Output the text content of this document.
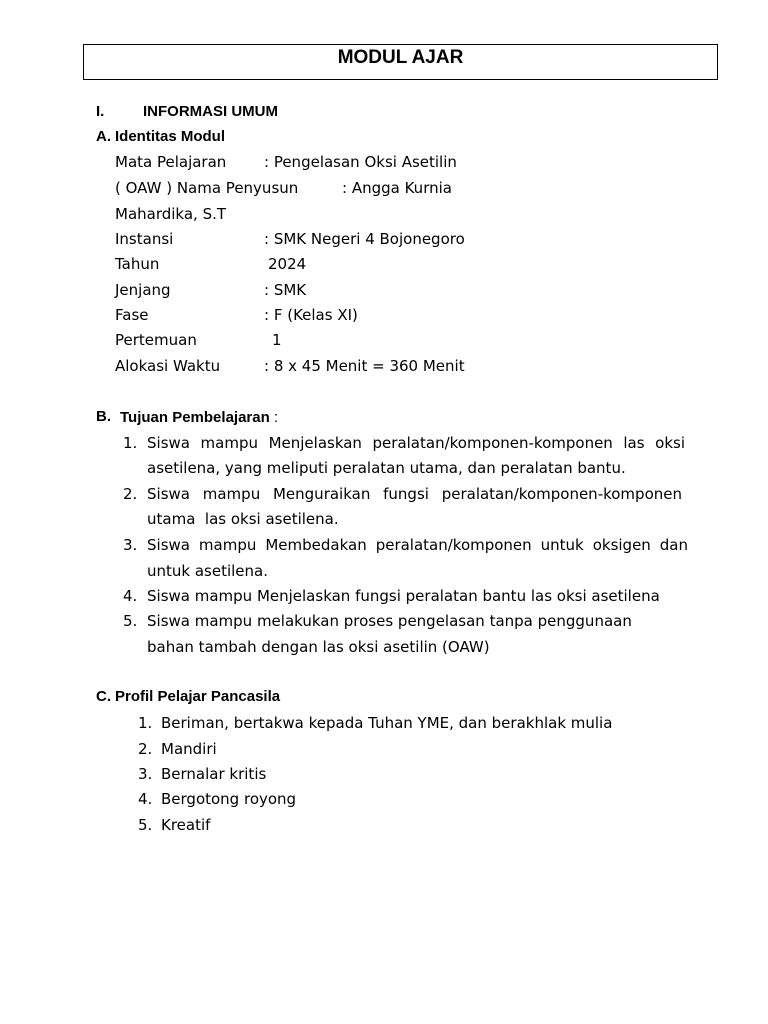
MODUL AJAR
I.	INFORMASI UMUM
A. Identitas Modul
Mata Pelajaran	: Pengelasan Oksi Asetilin
( OAW ) Nama Penyusun	: Angga Kurnia
Mahardika, S.T
Instansi	: SMK Negeri 4 Bojonegoro
Tahun	2024
Jenjang	: SMK
Fase	: F (Kelas XI)
Pertemuan	1
Alokasi Waktu	: 8 x 45 Menit = 360 Menit
B. Tujuan Pembelajaran :
1. Siswa mampu Menjelaskan peralatan/komponen-komponen las oksi
asetilena, yang meliputi peralatan utama, dan peralatan bantu.
2. Siswa mampu Menguraikan fungsi peralatan/komponen-komponen
utama  las oksi asetilena.
3. Siswa mampu Membedakan peralatan/komponen untuk oksigen dan
untuk asetilena.
4. Siswa mampu Menjelaskan fungsi peralatan bantu las oksi asetilena
5. Siswa mampu melakukan proses pengelasan tanpa penggunaan
bahan tambah dengan las oksi asetilin (OAW)
C. Profil Pelajar Pancasila
1. Beriman, bertakwa kepada Tuhan YME, dan berakhlak mulia
2. Mandiri
3. Bernalar kritis
4. Bergotong royong
5. Kreatif
